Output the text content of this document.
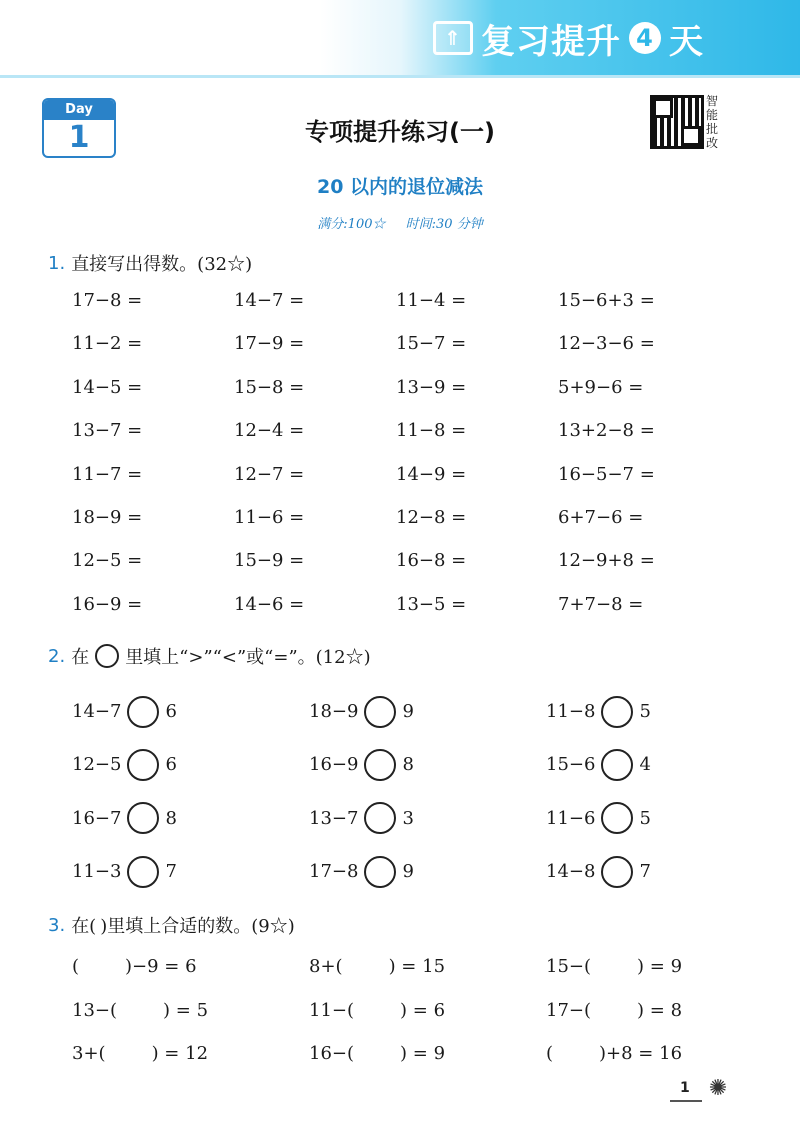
⇑ 复习提升 4 天
Day
1	专项提升练习(一)
智能批改
20 以内的退位减法
满分:100☆ 时间:30 分钟
1. 直接写出得数。(32☆)
17−8 =	14−7 =	11−4 =	15−6+3 =
11−2 =	17−9 =	15−7 =	12−3−6 =
14−5 =	15−8 =	13−9 =	5+9−6 =
13−7 =	12−4 =	11−8 =	13+2−8 =
11−7 =	12−7 =	14−9 =	16−5−7 =
18−9 =	11−6 =	12−8 =	6+7−6 =
12−5 =	15−9 =	16−8 =	12−9+8 =
16−9 =	14−6 =	13−5 =	7+7−8 =
2. 在 里填上“>”“<”或“=”。(12☆)
14−7 6	18−9 9	11−8 5
12−5 6	16−9 8	15−6 4
16−7 8	13−7 3	11−6 5
11−3 7	17−8 9	14−8 7
3. 在( )里填上合适的数。(9☆)
(	)−9 = 6	8+(	) = 15	15−(	) = 9
13−(	) = 5	11−(	) = 6	17−(	) = 8
3+(	) = 12	16−(	) = 9	(	)+8 = 16
1 ✺
